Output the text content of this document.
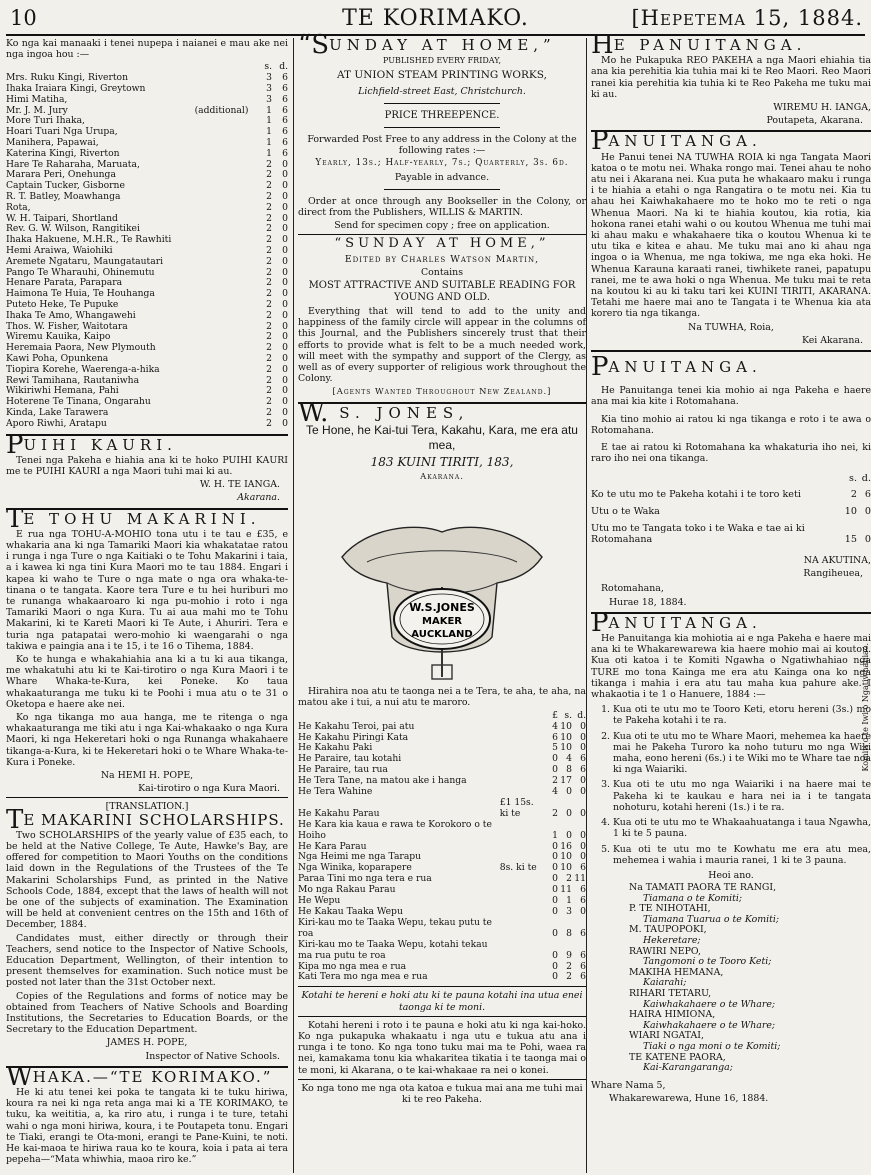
10	TE KORIMAKO.	[Hepetema 15, 1884.

Ko nga kai manaaki i tenei nupepa i naianei e mau ake nei nga ingoa hou :—

		s.	d.
Mrs. Ruku Kingi, Riverton		3	6
Ihaka Iraiara Kingi, Greytown		3	6
Himi Matiha,		3	6
Mr. J. M. Jury	(additional)	1	6
More Turi Ihaka,		1	6
Hoari Tuari Nga Urupa,		1	6
Manihera, Papawai,		1	6
Katerina Kingi, Riverton		1	6
Hare Te Raharaha, Maruata,		2	0
Marara Peri, Onehunga		2	0
Captain Tucker, Gisborne		2	0
R. T. Batley, Moawhanga		2	0
Rota,		2	0
W. H. Taipari, Shortland		2	0
Rev. G. W. Wilson, Rangitikei		2	0
Ihaka Hakuene, M.H.R., Te Rawhiti		2	0
Hemi Araiwa, Waiohiki		2	0
Aremete Ngataru, Maungatautari		2	0
Pango Te Wharauhi, Ohinemutu		2	0
Henare Parata, Parapara		2	0
Haimona Te Huia, Te Houhanga		2	0
Puteto Heke, Te Pupuke		2	0
Ihaka Te Amo, Whangawehi		2	0
Thos. W. Fisher, Waitotara		2	0
Wiremu Kauika, Kaipo		2	0
Heremaia Paora, New Plymouth		2	0
Kawi Poha, Opunkena		2	0
Tiopira Korehe, Waerenga-a-hika		2	0
Rewi Tamihana, Rautaniwha		2	0
Wikiriwhi Hemana, Pahi		2	0
Hoterene Te Tinana, Ongarahu		2	0
Kinda, Lake Tarawera		2	0
Aporo Riwhi, Aratapu		2	0
PUIHI KAURI.

Tenei nga Pakeha e hiahia ana ki te hoko PUIHI KAURI me te PUIHI KAURI a nga Maori tuhi mai ki au.

W. H. TE IANGA.

Akarana.

TE TOHU MAKARINI.

E rua nga TOHU-A-MOHIO tona utu i te tau e £35, e whakaria ana ki nga Tamariki Maori kia whakatatae ratou i runga i nga Ture o nga Kaitiaki o te Tohu Makarini i taia, a i kawea ki nga tini Kura Maori mo te tau 1884. Engari i kapea ki waho te Ture o nga mate o nga ora whaka-te-tinana o te tangata. Kaore tera Ture e tu hei huriburi mo te runanga whakaaroaro ki nga pu-mohio i roto i nga Tamariki Maori o nga Kura. Tu ai aua mahi mo te Tohu Makarini, ki te Kareti Maori ki Te Aute, i Ahuriri. Tera e turia nga patapatai wero-mohio ki waengarahi o nga takiwa e paingia ana i te 15, i te 16 o Tihema, 1884.

Ko te hunga e whakahiahia ana ki a tu ki aua tikanga, me whakatuhi atu ki te Kai-tirotiro o nga Kura Maori i te Whare Whaka-te-Kura, kei Poneke. Ko taua whakaaturanga me tuku ki te Poohi i mua atu o te 31 o Oketopa e haere ake nei.

Ko nga tikanga mo aua hanga, me te ritenga o nga whakaaturanga me tiki atu i nga Kai-whakaako o nga Kura Maori, ki nga Hekeretari hoki o nga Runanga whakahaere tikanga-a-Kura, ki te Hekeretari hoki o te Whare Whaka-te-Kura i Poneke.

Na HEMI H. POPE,

Kai-tirotiro o nga Kura Maori.

[TRANSLATION.]

TE MAKARINI SCHOLARSHIPS.

Two SCHOLARSHIPS of the yearly value of £35 each, to be held at the Native College, Te Aute, Hawke's Bay, are offered for competition to Maori Youths on the conditions laid down in the Regulations of the Trustees of the Te Makarini Scholarships Fund, as printed in the Native Schools Code, 1884, except that the laws of health will not be one of the subjects of examination. The Examination will be held at convenient centres on the 15th and 16th of December, 1884.

Candidates must, either directly or through their Teachers, send notice to the Inspector of Native Schools, Education Department, Wellington, of their intention to present themselves for examination. Such notice must be posted not later than the 31st October next.

Copies of the Regulations and forms of notice may be obtained from Teachers of Native Schools and Boarding Institutions, the Secretaries to Education Boards, or the Secretary to the Education Department.

JAMES H. POPE,

Inspector of Native Schools.

WHAKA.—“TE KORIMAKO.”

He ki atu tenei kei poka te tangata ki te tuku hiriwa, koura ra nei ki nga reta anga mai ki a TE KORIMAKO, te tuku, ka weititia, a, ka riro atu, i runga i te ture, tetahi wahi o nga moni hiriwa, koura, i te Poutapeta tonu. Engari te Tiaki, erangi te Ota-moni, erangi te Pane-Kuini, te noti. He kai-maoa te hiriwa raua ko te koura, koia i pata ai tera pepeha—“Mata whiwhia, maoa riro ke.”

“SUNDAY AT HOME,”

PUBLISHED EVERY FRIDAY,

AT UNION STEAM PRINTING WORKS,

Lichfield-street East, Christchurch.

PRICE THREEPENCE.

Forwarded Post Free to any address in the Colony at the following rates :—

Yearly, 13s.; Half-yearly, 7s.; Quarterly, 3s. 6d.

Payable in advance.

Order at once through any Bookseller in the Colony, or direct from the Publishers, WILLIS & MARTIN.

Send for specimen copy ; free on application.

“SUNDAY AT HOME,”

Edited by Charles Watson Martin,

Contains

MOST ATTRACTIVE AND SUITABLE READING FOR YOUNG AND OLD.

Everything that will tend to add to the unity and happiness of the family circle will appear in the columns of this Journal, and the Publishers sincerely trust that their efforts to provide what is felt to be a much needed work, will meet with the sympathy and support of the Clergy, as well as of every supporter of religious work throughout the Colony.

[Agents Wanted Throughout New Zealand.]

W. S. JONES,

Te Hone, he Kai-tui Tera, Kakahu, Kara, me era atu mea,

183 KUINI TIRITI, 183,

Akarana.

W.S.JONES
MAKER
AUCKLAND

Hirahira noa atu te taonga nei a te Tera, te aha, te aha, na matou ake i tui, a nui atu te maroro.

		£	s.	d.
He Kakahu Teroi, pai atu		4	10	0
He Kakahu Piringi Kata		6	10	0
He Kakahu Paki		5	10	0
He Paraire, tau kotahi		0	4	6
He Paraire, tau rua		0	8	6
He Tera Tane, na matou ake i hanga		2	17	0
He Tera Wahine		4	0	0
He Kakahu Parau	£1 15s. ki te	2	0	0
He Kara kia kaua e rawa te Korokoro o te Hoiho		1	0	0
He Kara Parau		0	16	0
Nga Heimi me nga Tarapu		0	10	0
Nga Winika, koparapere	8s. ki te	0	10	6
Paraa Tini mo nga tera e rua		0	2	11
Mo nga Rakau Parau		0	11	6
He Wepu		0	1	6
He Kakau Taaka Wepu		0	3	0
Kiri-kau mo te Taaka Wepu, tekau putu te roa		0	8	6
Kiri-kau mo te Taaka Wepu, kotahi tekau ma rua putu te roa		0	9	6
Kipa mo nga mea e rua		0	2	6
Kati Tera mo nga mea e rua		0	2	6

Kotahi te hereni e hoki atu ki te pauna kotahi ina utua enei taonga ki te moni.

Kotahi hereni i roto i te pauna e hoki atu ki nga kai-hoko. Ko nga pukapuka whakaatu i nga utu e tukua atu ana i runga i te tono. Ko nga tono tuku mai ma te Pohi, waea ra nei, kamakama tonu kia whakaritea tikatia i te taonga mai o te moni, ki Akarana, o te kai-whakaae ra nei o konei.

Ko nga tono me nga ota katoa e tukua mai ana me tuhi mai ki te reo Pakeha.

HE PANUITANGA.

Mo he Pukapuka REO PAKEHA a nga Maori ehiahia tia ana kia perehitia kia tuhia mai ki te Reo Maori. Reo Maori ranei kia perehitia kia tuhia ki te Reo Pakeha me tuku mai ki au.

WIREMU H. IANGA,

Poutapeta, Akarana.

PANUITANGA.

He Panui tenei NA TUWHA ROIA ki nga Tangata Maori katoa o te motu nei. Whaka rongo mai. Tenei ahau te noho atu nei i Akarana nei. Kua puta he whakaaro maku i runga i te hiahia a etahi o nga Rangatira o te motu nei. Kia tu ahau hei Kaiwhakahaere mo te hoko mo te reti o nga Whenua Maori. Na ki te hiahia koutou, kia rotia, kia hokona ranei etahi wahi o ou koutou Whenua me tuhi mai ki ahau maku e whakahaere tika o koutou Whenua ki te utu tika e kitea e ahau. Me tuku mai ano ki ahau nga ingoa o ia Whenua, me nga tokiwa, me nga eka hoki. He Whenua Karauna karaati ranei, tiwhikete ranei, papatupu ranei, me te awa hoki o nga Whenua. Me tuku mai te reta na koutou ki au ki taku tari kei KUINI TIRITI, AKARANA. Tetahi me haere mai ano te Tangata i te Whenua kia ata korero tia nga tikanga.

Na TUWHA, Roia,

Kei Akarana.

PANUITANGA.

He Panuitanga tenei kia mohio ai nga Pakeha e haere ana mai kia kite i Rotomahana.

Kia tino mohio ai ratou ki nga tikanga e roto i te awa o Rotomahana.

E tae ai ratou ki Rotomahana ka whakaturia iho nei, ki raro iho nei ona tikanga.

	s.	d.
Ko te utu mo te Pakeha kotahi i te toro keti	2	6
Utu o te Waka	10	0
Utu mo te Tangata toko i te Waka e tae ai ki Rotomahana	15	0

NA AKUTINA,

Rangiheuea,

Rotomahana,

Hurae 18, 1884.

PANUITANGA.

He Panuitanga kia mohiotia ai e nga Pakeha e haere mai ana ki te Whakarewarewa kia haere mohio mai ai koutou. Kua oti katoa i te Komiti Ngawha o Ngatiwhahiao nga TURE mo tona Kainga me era atu Kainga ona ko nga tikanga i mahia i era atu tau maha kua pahure ake. I whakaotia i te 1 o Hanuere, 1884 :—

1. Kua oti te utu mo te Tooro Keti, etoru hereni (3s.) mo te Pakeha kotahi i te ra.
2. Kua oti te utu mo te Whare Maori, mehemea ka haere mai he Pakeha Turoro ka noho tuturu mo nga Wiki maha, eono hereni (6s.) i te Wiki mo te Whare tae noa ki nga Waiariki.
3. Kua oti te utu mo nga Waiariki i na haere mai te Pakeha ki te kaukau e hara nei ia i te tangata nohoturu, kotahi hereni (1s.) i te ra.
4. Kua oti te utu mo te Whakaahuatanga i taua Ngawha, 1 ki te 5 pauna.
5. Kua oti te utu mo te Kowhatu me era atu mea, mehemea i wahia i mauria ranei, 1 ki te 3 pauna.

Heoi ano.

Na TAMATI PAORA TE RANGI,
Tiamana o te Komiti;
P. TE NIHOTAHI,
Tiamana Tuarua o te Komiti;
M. TAUPOPOKI,
Hekeretare;
RAWIRI NEPO,
Tangomoni o te Tooro Keti;
MAKIHA HEMANA,
Kaiarahi;
RIHARI TETARU,
Kaiwhakahaere o te Whare;
HAIRA HIMIONA,
Kaiwhakahaere o te Whare;
WIARI NGATAI,
Tiaki o nga moni o te Komiti;
TE KATENE PAORA,
Kai-Karangaranga;

Whare Nama 5,

Whakarewarewa, Hune 16, 1884.

Komiti o te Iwi o Ngatiwhahiao.
